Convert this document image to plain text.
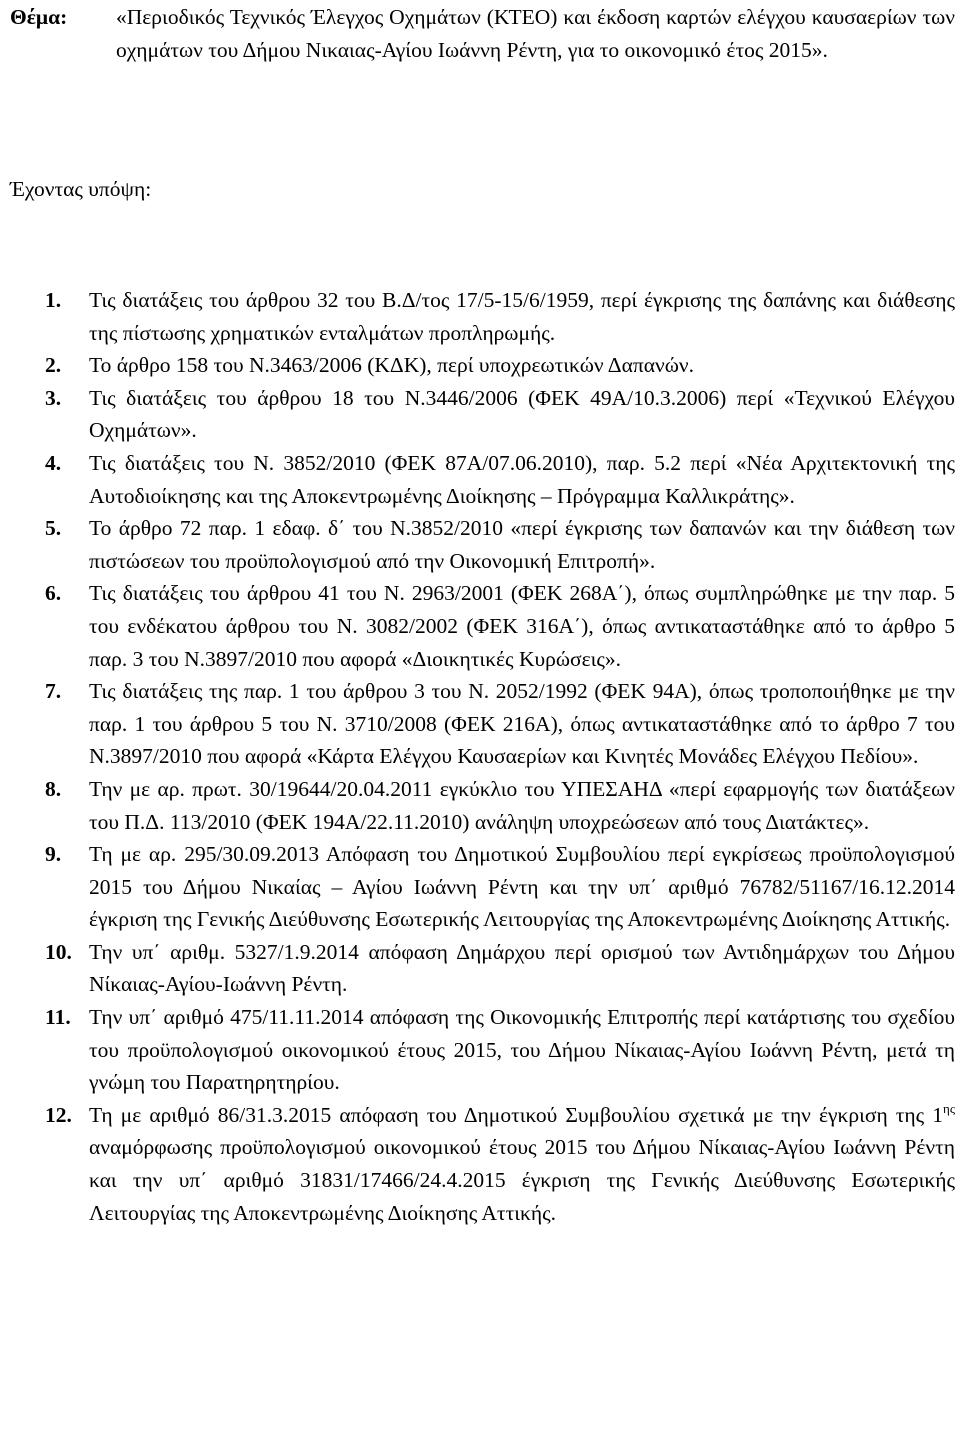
Θέμα: «Περιοδικός Τεχνικός Έλεγχος Οχημάτων (ΚΤΕΟ) και έκδοση καρτών ελέγχου καυσαερίων των οχημάτων του Δήμου Νικαιας-Αγίου Ιωάννη Ρέντη, για το οικονομικό έτος 2015».
Έχοντας υπόψη:
1. Τις διατάξεις του άρθρου 32 του Β.Δ/τος 17/5-15/6/1959, περί έγκρισης της δαπάνης και διάθεσης της πίστωσης χρηματικών ενταλμάτων προπληρωμής.
2. Το άρθρο 158 του Ν.3463/2006 (ΚΔΚ), περί υποχρεωτικών Δαπανών.
3. Τις διατάξεις του άρθρου 18 του Ν.3446/2006 (ΦΕΚ 49Α/10.3.2006) περί «Τεχνικού Ελέγχου Οχημάτων».
4. Τις διατάξεις του Ν. 3852/2010 (ΦΕΚ 87Α/07.06.2010), παρ. 5.2 περί «Νέα Αρχιτεκτονική της Αυτοδιοίκησης και της Αποκεντρωμένης Διοίκησης – Πρόγραμμα Καλλικράτης».
5. Το άρθρο 72 παρ. 1 εδαφ. δ΄ του Ν.3852/2010 «περί έγκρισης των δαπανών και την διάθεση των πιστώσεων του προϋπολογισμού από την Οικονομική Επιτροπή».
6. Τις διατάξεις του άρθρου 41 του Ν. 2963/2001 (ΦΕΚ 268Α΄), όπως συμπληρώθηκε με την παρ. 5 του ενδέκατου άρθρου του Ν. 3082/2002 (ΦΕΚ 316Α΄), όπως αντικαταστάθηκε από το άρθρο 5 παρ. 3 του Ν.3897/2010 που αφορά «Διοικητικές Κυρώσεις».
7. Τις διατάξεις της παρ. 1 του άρθρου 3 του Ν. 2052/1992 (ΦΕΚ 94Α), όπως τροποποιήθηκε με την παρ. 1 του άρθρου 5 του Ν. 3710/2008 (ΦΕΚ 216Α), όπως αντικαταστάθηκε από το άρθρο 7 του Ν.3897/2010 που αφορά «Κάρτα Ελέγχου Καυσαερίων και Κινητές Μονάδες Ελέγχου Πεδίου».
8. Την με αρ. πρωτ. 30/19644/20.04.2011 εγκύκλιο του ΥΠΕΣΑΗΔ «περί εφαρμογής των διατάξεων του Π.Δ. 113/2010 (ΦΕΚ 194Α/22.11.2010) ανάληψη υποχρεώσεων από τους Διατάκτες».
9. Τη με αρ. 295/30.09.2013 Απόφαση του Δημοτικού Συμβουλίου περί εγκρίσεως προϋπολογισμού 2015 του Δήμου Νικαίας – Αγίου Ιωάννη Ρέντη και την υπ΄ αριθμό 76782/51167/16.12.2014 έγκριση της Γενικής Διεύθυνσης Εσωτερικής Λειτουργίας της Αποκεντρωμένης Διοίκησης Αττικής.
10. Την υπ΄ αριθμ. 5327/1.9.2014 απόφαση Δημάρχου περί ορισμού των Αντιδημάρχων του Δήμου Νίκαιας-Αγίου-Ιωάννη Ρέντη.
11. Την υπ΄ αριθμό 475/11.11.2014 απόφαση της Οικονομικής Επιτροπής περί κατάρτισης του σχεδίου του προϋπολογισμού οικονομικού έτους 2015, του Δήμου Νίκαιας-Αγίου Ιωάννη Ρέντη, μετά τη γνώμη του Παρατηρητηρίου.
12. Τη με αριθμό 86/31.3.2015 απόφαση του Δημοτικού Συμβουλίου σχετικά με την έγκριση της $1^{\eta\varsigma}$ αναμόρφωσης προϋπολογισμού οικονομικού έτους 2015 του Δήμου Νίκαιας-Αγίου Ιωάννη Ρέντη και την υπ΄ αριθμό 31831/17466/24.4.2015 έγκριση της Γενικής Διεύθυνσης Εσωτερικής Λειτουργίας της Αποκεντρωμένης Διοίκησης Αττικής.
